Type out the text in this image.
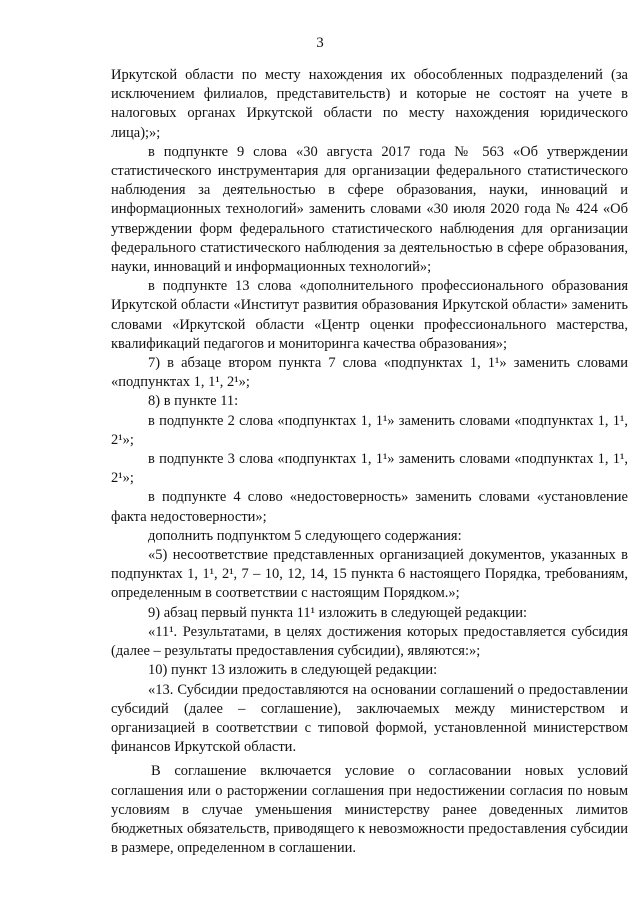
3

Иркутской области по месту нахождения их обособленных подразделений (за исключением филиалов, представительств) и которые не состоят на учете в налоговых органах Иркутской области по месту нахождения юридического лица);»;

в подпункте 9 слова «30 августа 2017 года № 563 «Об утверждении статистического инструментария для организации федерального статистического наблюдения за деятельностью в сфере образования, науки, инноваций и информационных технологий» заменить словами «30 июля 2020 года № 424 «Об утверждении форм федерального статистического наблюдения для организации федерального статистического наблюдения за деятельностью в сфере образования, науки, инноваций и информационных технологий»;

в подпункте 13 слова «дополнительного профессионального образования Иркутской области «Институт развития образования Иркутской области» заменить словами «Иркутской области «Центр оценки профессионального мастерства, квалификаций педагогов и мониторинга качества образования»;

7) в абзаце втором пункта 7 слова «подпунктах 1, 1¹» заменить словами «подпунктах 1, 1¹, 2¹»;

8) в пункте 11:

в подпункте 2 слова «подпунктах 1, 1¹» заменить словами «подпунктах 1, 1¹, 2¹»;

в подпункте 3 слова «подпунктах 1, 1¹» заменить словами «подпунктах 1, 1¹, 2¹»;

в подпункте 4 слово «недостоверность» заменить словами «установление факта недостоверности»;

дополнить подпунктом 5 следующего содержания:

«5) несоответствие представленных организацией документов, указанных в подпунктах 1, 1¹, 2¹, 7 – 10, 12, 14, 15 пункта 6 настоящего Порядка, требованиям, определенным в соответствии с настоящим Порядком.»;

9) абзац первый пункта 11¹ изложить в следующей редакции:

«11¹. Результатами, в целях достижения которых предоставляется субсидия (далее – результаты предоставления субсидии), являются:»;

10) пункт 13 изложить в следующей редакции:

«13. Субсидии предоставляются на основании соглашений о предоставлении субсидий (далее – соглашение), заключаемых между министерством и организацией в соответствии с типовой формой, установленной министерством финансов Иркутской области.

В соглашение включается условие о согласовании новых условий соглашения или о расторжении соглашения при недостижении согласия по новым условиям в случае уменьшения министерству ранее доведенных лимитов бюджетных обязательств, приводящего к невозможности предоставления субсидии в размере, определенном в соглашении.
